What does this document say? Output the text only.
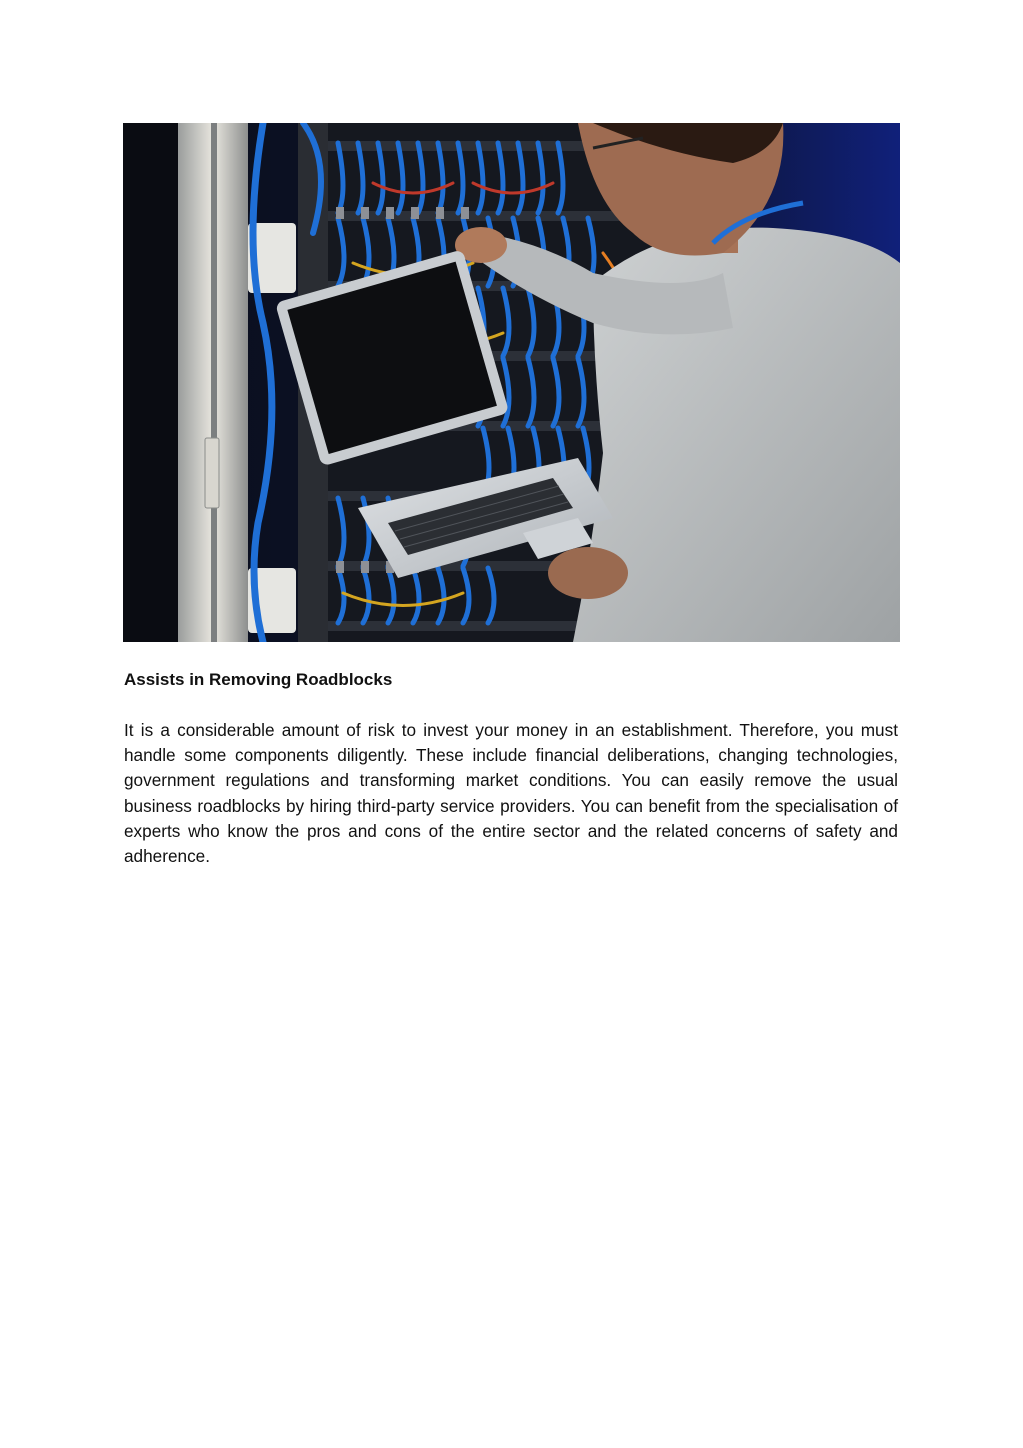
Assists in Removing Roadblocks

It is a considerable amount of risk to invest your money in an establishment. Therefore, you must handle some components diligently. These include financial deliberations, changing technologies, government regulations and transforming market conditions. You can easily remove the usual business roadblocks by hiring third-party service providers. You can benefit from the specialisation of experts who know the pros and cons of the entire sector and the related concerns of safety and adherence.
